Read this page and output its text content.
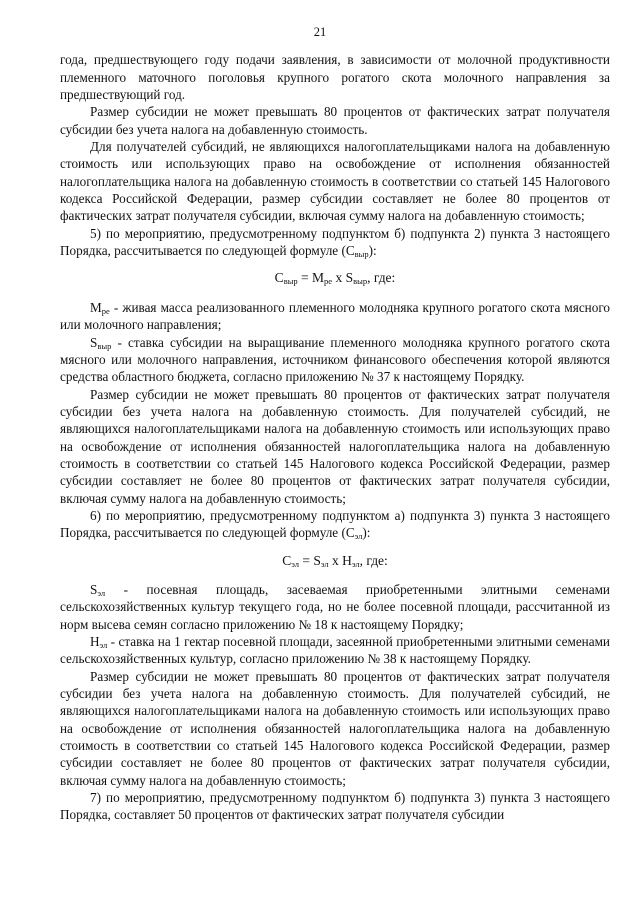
21

года, предшествующего году подачи заявления, в зависимости от молочной продуктивности племенного маточного поголовья крупного рогатого скота молочного направления за предшествующий год.

Размер субсидии не может превышать 80 процентов от фактических затрат получателя субсидии без учета налога на добавленную стоимость.

Для получателей субсидий, не являющихся налогоплательщиками налога на добавленную стоимость или использующих право на освобождение от исполнения обязанностей налогоплательщика налога на добавленную стоимость в соответствии со статьей 145 Налогового кодекса Российской Федерации, размер субсидии составляет не более 80 процентов от фактических затрат получателя субсидии, включая сумму налога на добавленную стоимость;

5) по мероприятию, предусмотренному подпунктом б) подпункта 2) пункта 3 настоящего Порядка, рассчитывается по следующей формуле $(С_{выр})$:

$С_{выр} = М_{ре}$ х $S_{выр}$, где:

$М_{ре}$ - живая масса реализованного племенного молодняка крупного рогатого скота мясного или молочного направления;

$S_{выр}$ - ставка субсидии на выращивание племенного молодняка крупного рогатого скота мясного или молочного направления, источником финансового обеспечения которой являются средства областного бюджета, согласно приложению № 37 к настоящему Порядку.

Размер субсидии не может превышать 80 процентов от фактических затрат получателя субсидии без учета налога на добавленную стоимость. Для получателей субсидий, не являющихся налогоплательщиками налога на добавленную стоимость или использующих право на освобождение от исполнения обязанностей налогоплательщика налога на добавленную стоимость в соответствии со статьей 145 Налогового кодекса Российской Федерации, размер субсидии составляет не более 80 процентов от фактических затрат получателя субсидии, включая сумму налога на добавленную стоимость;

6) по мероприятию, предусмотренному подпунктом а) подпункта 3) пункта 3 настоящего Порядка, рассчитывается по следующей формуле $(С_{эл})$:

$С_{эл} = S_{эл}$ х $Н_{эл}$, где:

$S_{эл}$ - посевная площадь, засеваемая приобретенными элитными семенами сельскохозяйственных культур текущего года, но не более посевной площади, рассчитанной из норм высева семян согласно приложению № 18 к настоящему Порядку;

$Н_{эл}$ - ставка на 1 гектар посевной площади, засеянной приобретенными элитными семенами сельскохозяйственных культур, согласно приложению № 38 к настоящему Порядку.

Размер субсидии не может превышать 80 процентов от фактических затрат получателя субсидии без учета налога на добавленную стоимость. Для получателей субсидий, не являющихся налогоплательщиками налога на добавленную стоимость или использующих право на освобождение от исполнения обязанностей налогоплательщика налога на добавленную стоимость в соответствии со статьей 145 Налогового кодекса Российской Федерации, размер субсидии составляет не более 80 процентов от фактических затрат получателя субсидии, включая сумму налога на добавленную стоимость;

7) по мероприятию, предусмотренному подпунктом б) подпункта 3) пункта 3 настоящего Порядка, составляет 50 процентов от фактических затрат получателя субсидии
